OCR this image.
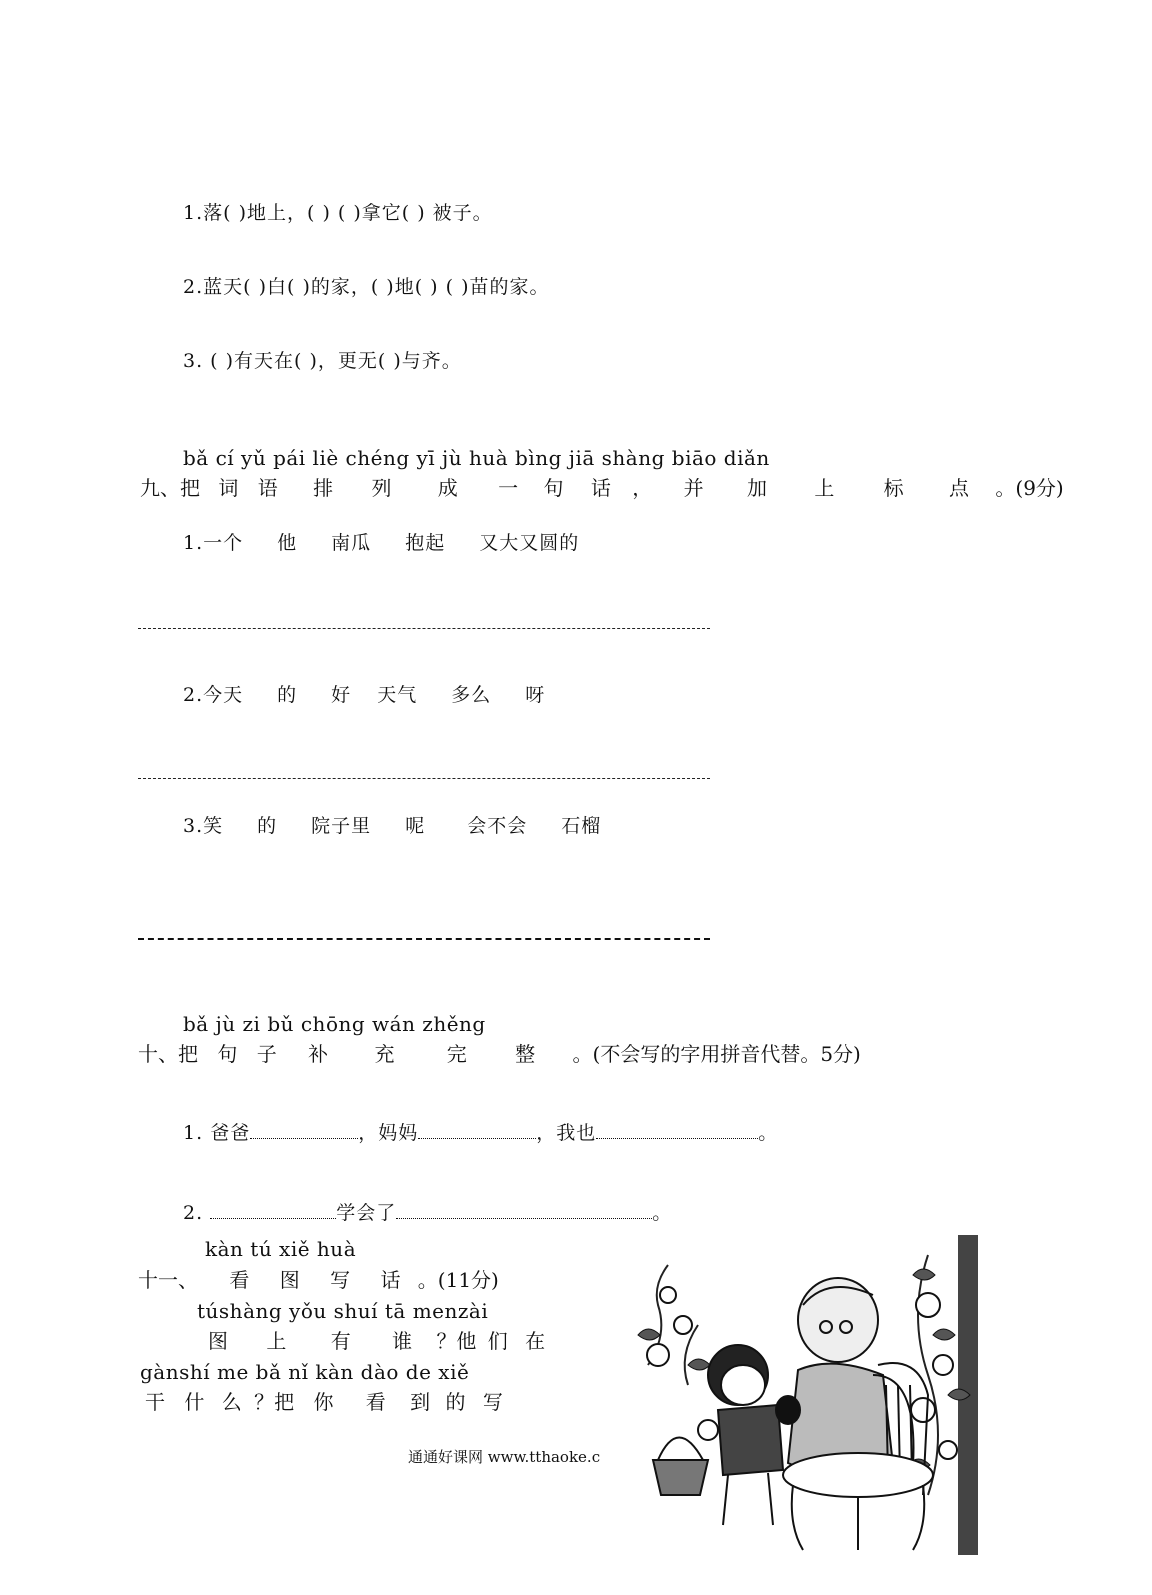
1.落( )地上，( ) ( )拿它( ) 被子。
2.蓝天( )白( )的家，( )地( ) ( )苗的家。
3. ( )有天在( )，更无( )与齐。
bǎ cí yǔ pái liè chéng yī jù huà bìng jiā shàng biāo diǎn
九、把 词 语 排 列 成 一 句 话 ， 并 加 上 标 点 。(9分)
1.一个 他 南瓜 抱起 又大又圆的
2.今天 的 好 天气 多么 呀
3.笑 的 院子里 呢 会不会 石榴
bǎ jù zi bǔ chōng wán zhěng
十、把 句 子 补 充	完 整 。(不会写的字用拼音代替。5分)
1. 爸爸	，妈妈	，我也	。
2.	学会了	。
kàn tú xiě huà
十一、 看 图 写 话 。(11分)
túshàng yǒu shuí tā menzài
图 上 有 谁 ？他 们 在
gànshí me bǎ nǐ kàn dào de xiě
干 什 么 ？把 你 看 到 的 写
通通好课网 www.tthaoke.c
